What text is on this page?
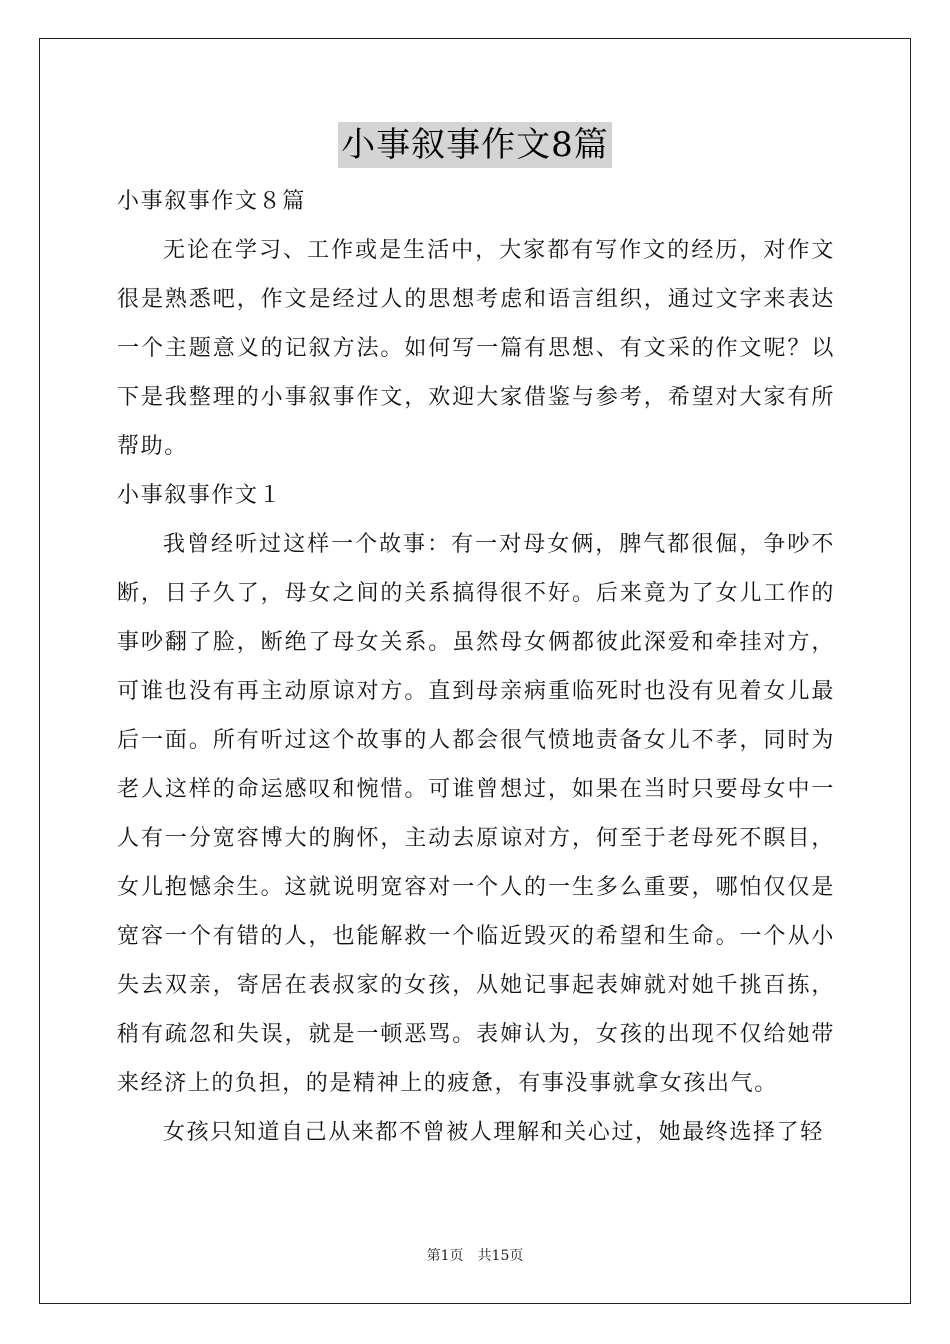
小事叙事作文8篇

小事叙事作文８篇

无论在学习、工作或是生活中，大家都有写作文的经历，对作文很是熟悉吧，作文是经过人的思想考虑和语言组织，通过文字来表达一个主题意义的记叙方法。如何写一篇有思想、有文采的作文呢？以下是我整理的小事叙事作文，欢迎大家借鉴与参考，希望对大家有所帮助。

小事叙事作文１

我曾经听过这样一个故事：有一对母女俩，脾气都很倔，争吵不断，日子久了，母女之间的关系搞得很不好。后来竟为了女儿工作的事吵翻了脸，断绝了母女关系。虽然母女俩都彼此深爱和牵挂对方，可谁也没有再主动原谅对方。直到母亲病重临死时也没有见着女儿最后一面。所有听过这个故事的人都会很气愤地责备女儿不孝，同时为老人这样的命运感叹和惋惜。可谁曾想过，如果在当时只要母女中一人有一分宽容博大的胸怀，主动去原谅对方，何至于老母死不瞑目，女儿抱憾余生。这就说明宽容对一个人的一生多么重要，哪怕仅仅是宽容一个有错的人，也能解救一个临近毁灭的希望和生命。一个从小失去双亲，寄居在表叔家的女孩，从她记事起表婶就对她千挑百拣，稍有疏忽和失误，就是一顿恶骂。表婶认为，女孩的出现不仅给她带来经济上的负担，的是精神上的疲惫，有事没事就拿女孩出气。

女孩只知道自己从来都不曾被人理解和关心过，她最终选择了轻

第1页 共15页
